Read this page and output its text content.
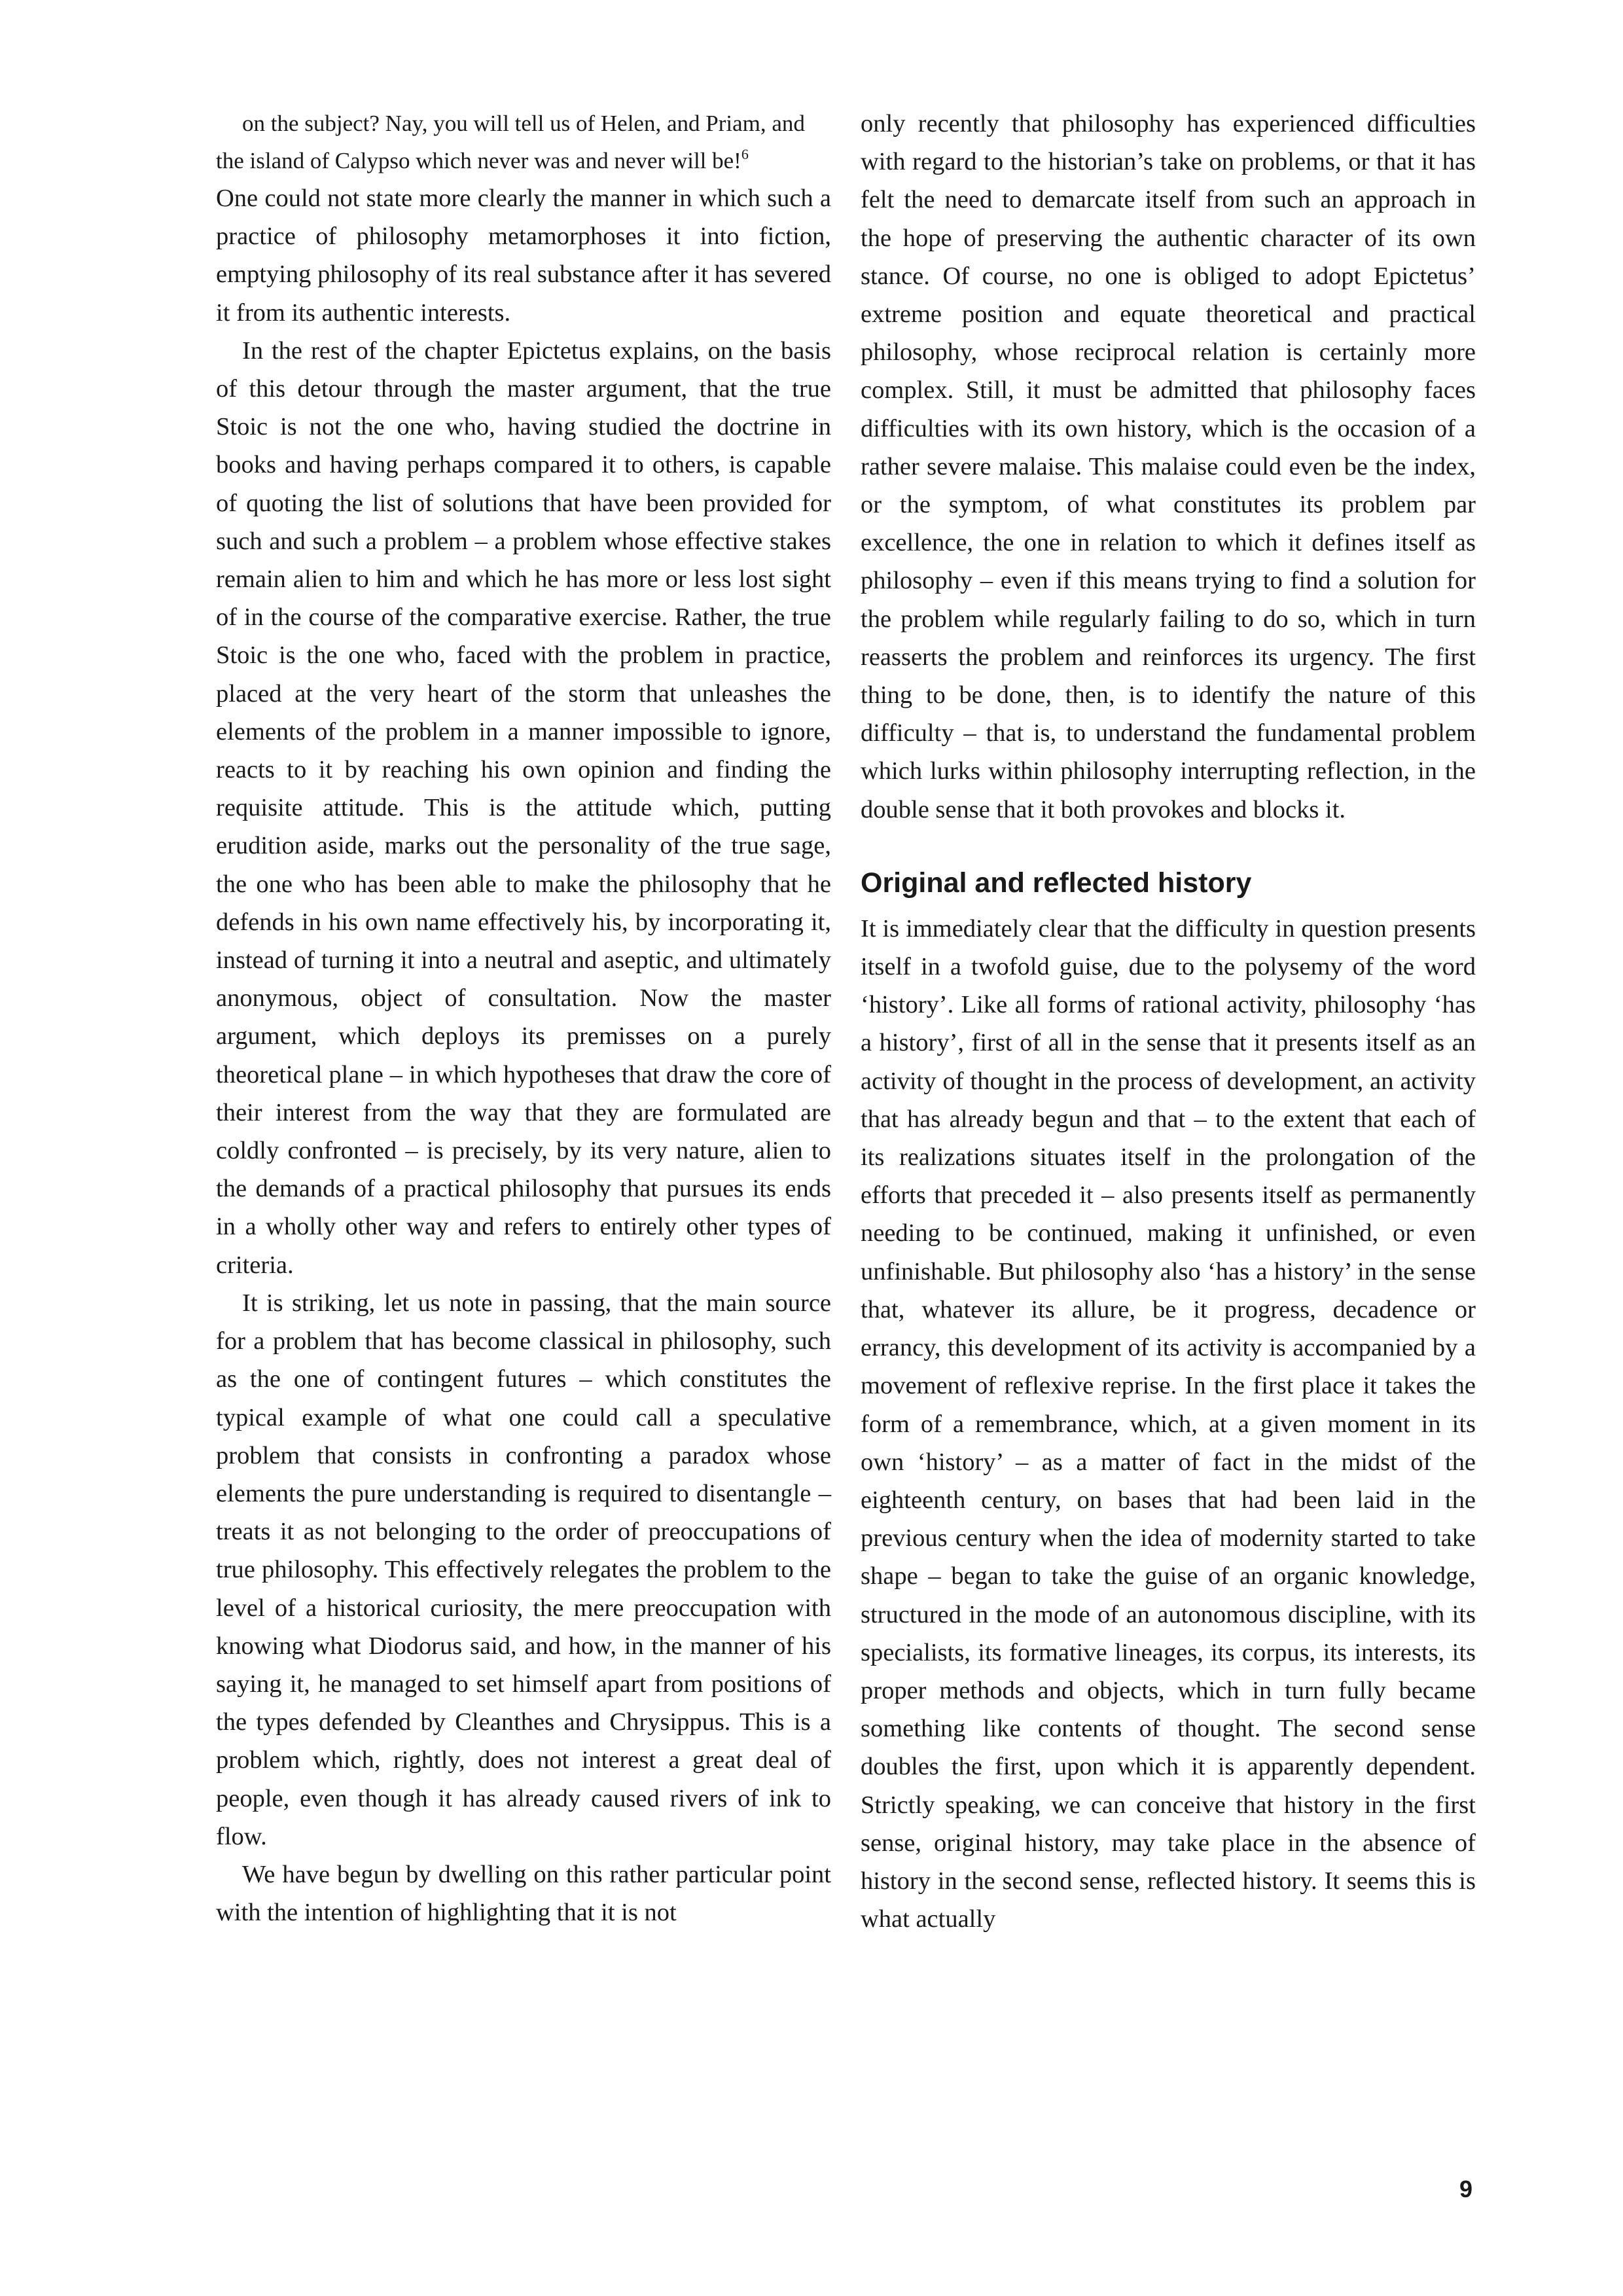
on the subject? Nay, you will tell us of Helen, and Priam, and the island of Calypso which never was and never will be!$^6$

One could not state more clearly the manner in which such a practice of philosophy metamorphoses it into fiction, emptying philosophy of its real substance after it has severed it from its authentic interests.

In the rest of the chapter Epictetus explains, on the basis of this detour through the master argument, that the true Stoic is not the one who, having studied the doctrine in books and having perhaps compared it to others, is capable of quoting the list of solutions that have been provided for such and such a problem – a problem whose effective stakes remain alien to him and which he has more or less lost sight of in the course of the comparative exercise. Rather, the true Stoic is the one who, faced with the problem in practice, placed at the very heart of the storm that unleashes the elements of the problem in a manner impossible to ignore, reacts to it by reaching his own opinion and finding the requisite attitude. This is the attitude which, putting erudition aside, marks out the personality of the true sage, the one who has been able to make the philosophy that he defends in his own name effectively his, by incorporating it, instead of turning it into a neutral and aseptic, and ultimately anonymous, object of consultation. Now the master argument, which deploys its premisses on a purely theoretical plane – in which hypotheses that draw the core of their interest from the way that they are formulated are coldly confronted – is precisely, by its very nature, alien to the demands of a practical philosophy that pursues its ends in a wholly other way and refers to entirely other types of criteria.

It is striking, let us note in passing, that the main source for a problem that has become classical in philosophy, such as the one of contingent futures – which constitutes the typical example of what one could call a speculative problem that consists in confronting a paradox whose elements the pure understanding is required to disentangle – treats it as not belonging to the order of preoccupations of true philosophy. This effectively relegates the problem to the level of a historical curiosity, the mere preoccupation with knowing what Diodorus said, and how, in the manner of his saying it, he managed to set himself apart from positions of the types defended by Cleanthes and Chrysippus. This is a problem which, rightly, does not interest a great deal of people, even though it has already caused rivers of ink to flow.

We have begun by dwelling on this rather particular point with the intention of highlighting that it is not

only recently that philosophy has experienced difficulties with regard to the historian’s take on problems, or that it has felt the need to demarcate itself from such an approach in the hope of preserving the authentic character of its own stance. Of course, no one is obliged to adopt Epictetus’ extreme position and equate theoretical and practical philosophy, whose reciprocal relation is certainly more complex. Still, it must be admitted that philosophy faces difficulties with its own history, which is the occasion of a rather severe malaise. This malaise could even be the index, or the symptom, of what constitutes its problem par excellence, the one in relation to which it defines itself as philosophy – even if this means trying to find a solution for the problem while regularly failing to do so, which in turn reasserts the problem and reinforces its urgency. The first thing to be done, then, is to identify the nature of this difficulty – that is, to understand the fundamental problem which lurks within philosophy interrupting reflection, in the double sense that it both provokes and blocks it.

Original and reflected history

It is immediately clear that the difficulty in question presents itself in a twofold guise, due to the polysemy of the word ‘history’. Like all forms of rational activity, philosophy ‘has a history’, first of all in the sense that it presents itself as an activity of thought in the process of development, an activity that has already begun and that – to the extent that each of its realizations situates itself in the prolongation of the efforts that preceded it – also presents itself as permanently needing to be continued, making it unfinished, or even unfinishable. But philosophy also ‘has a history’ in the sense that, whatever its allure, be it progress, decadence or errancy, this development of its activity is accompanied by a movement of reflexive reprise. In the first place it takes the form of a remembrance, which, at a given moment in its own ‘history’ – as a matter of fact in the midst of the eighteenth century, on bases that had been laid in the previous century when the idea of modernity started to take shape – began to take the guise of an organic knowledge, structured in the mode of an autonomous discipline, with its specialists, its formative lineages, its corpus, its interests, its proper methods and objects, which in turn fully became something like contents of thought. The second sense doubles the first, upon which it is apparently dependent. Strictly speaking, we can conceive that history in the first sense, original history, may take place in the absence of history in the second sense, reflected history. It seems this is what actually

9
